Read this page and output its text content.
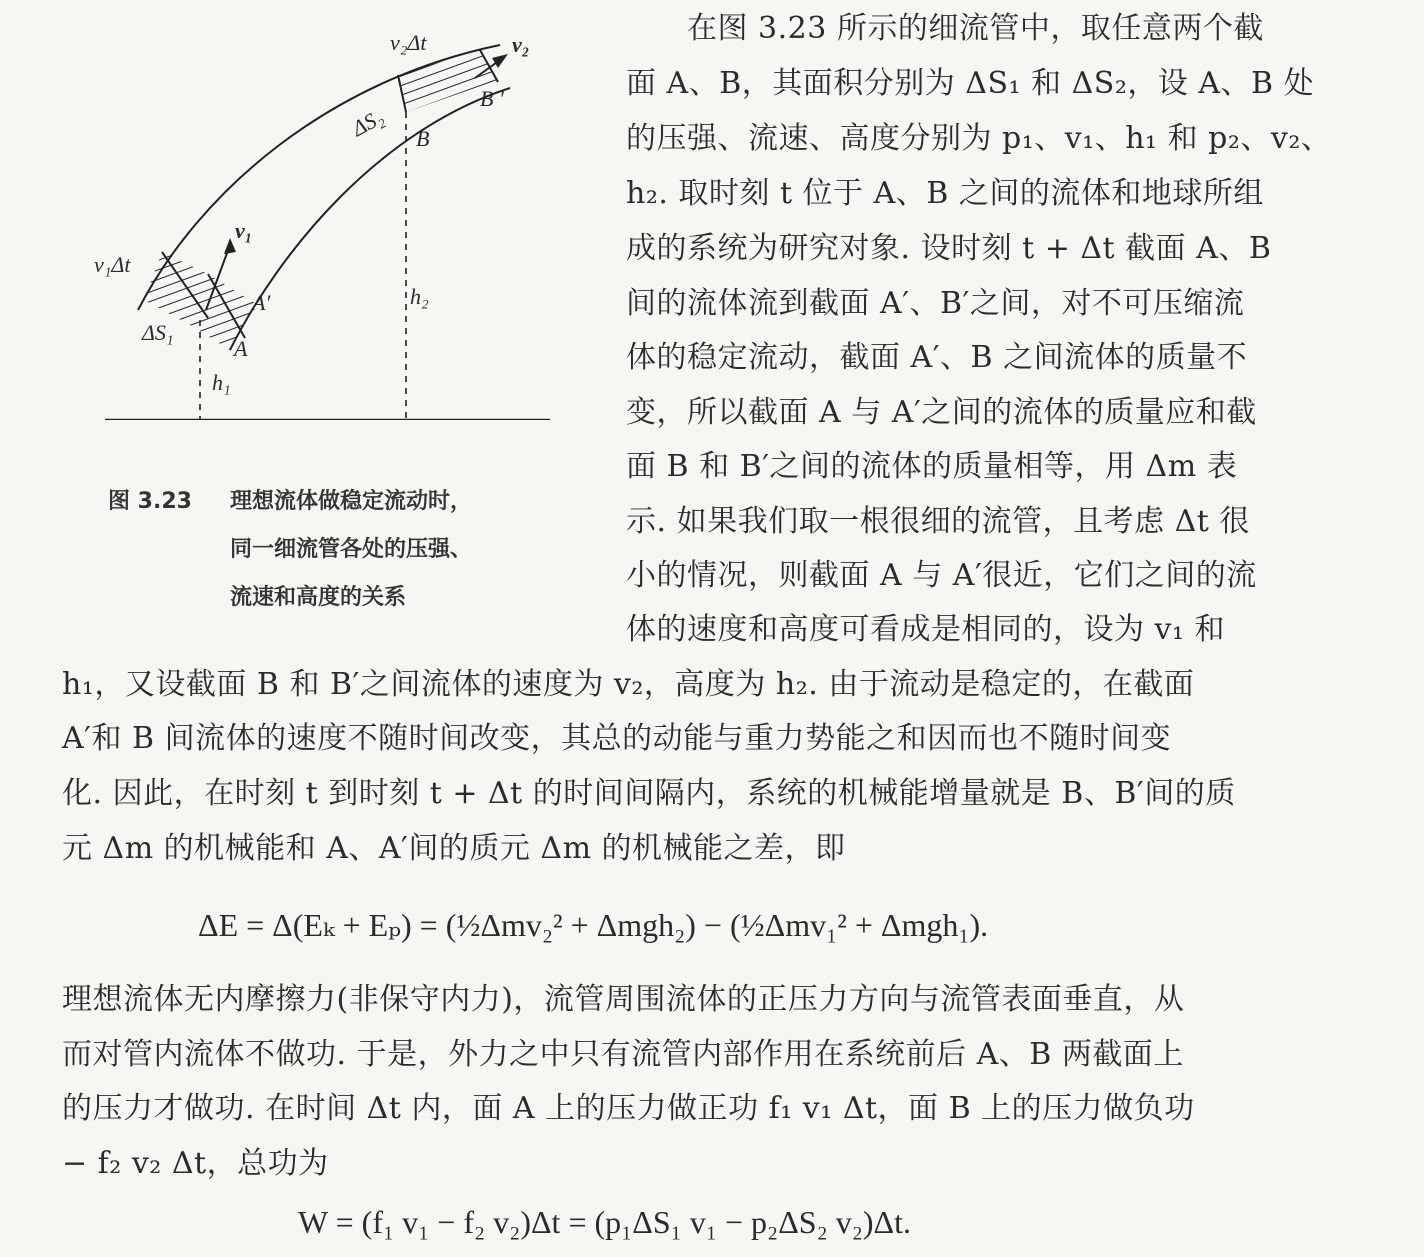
v₂Δt	v₂
B ′
ΔS₂ B
v₁
v₁Δt
A′	h₂
ΔS₁
A
h₁
图 3.23 理想流体做稳定流动时，
同一细流管各处的压强、
流速和高度的关系
　　在图 3.23 所示的细流管中，取任意两个截
面 A、B，其面积分别为 ΔS₁ 和 ΔS₂，设 A、B 处
的压强、流速、高度分别为 p₁、v₁、h₁ 和 p₂、v₂、
h₂. 取时刻 t 位于 A、B 之间的流体和地球所组
成的系统为研究对象. 设时刻 t + Δt 截面 A、B
间的流体流到截面 A′、B′之间，对不可压缩流
体的稳定流动，截面 A′、B 之间流体的质量不
变，所以截面 A 与 A′之间的流体的质量应和截
面 B 和 B′之间的流体的质量相等，用 Δm 表
示. 如果我们取一根很细的流管，且考虑 Δt 很
小的情况，则截面 A 与 A′很近，它们之间的流
体的速度和高度可看成是相同的，设为 v₁ 和
h₁，又设截面 B 和 B′之间流体的速度为 v₂，高度为 h₂. 由于流动是稳定的，在截面
A′和 B 间流体的速度不随时间改变，其总的动能与重力势能之和因而也不随时间变
化. 因此，在时刻 t 到时刻 t + Δt 的时间间隔内，系统的机械能增量就是 B、B′间的质
元 Δm 的机械能和 A、A′间的质元 Δm 的机械能之差，即
ΔE = Δ(Eₖ + Eₚ) = (½Δmv₂² + Δmgh₂) − (½Δmv₁² + Δmgh₁).
理想流体无内摩擦力(非保守内力)，流管周围流体的正压力方向与流管表面垂直，从
而对管内流体不做功. 于是，外力之中只有流管内部作用在系统前后 A、B 两截面上
的压力才做功. 在时间 Δt 内，面 A 上的压力做正功 f₁ v₁ Δt，面 B 上的压力做负功
− f₂ v₂ Δt，总功为
W = (f₁ v₁ − f₂ v₂)Δt = (p₁ΔS₁ v₁ − p₂ΔS₂ v₂)Δt.
